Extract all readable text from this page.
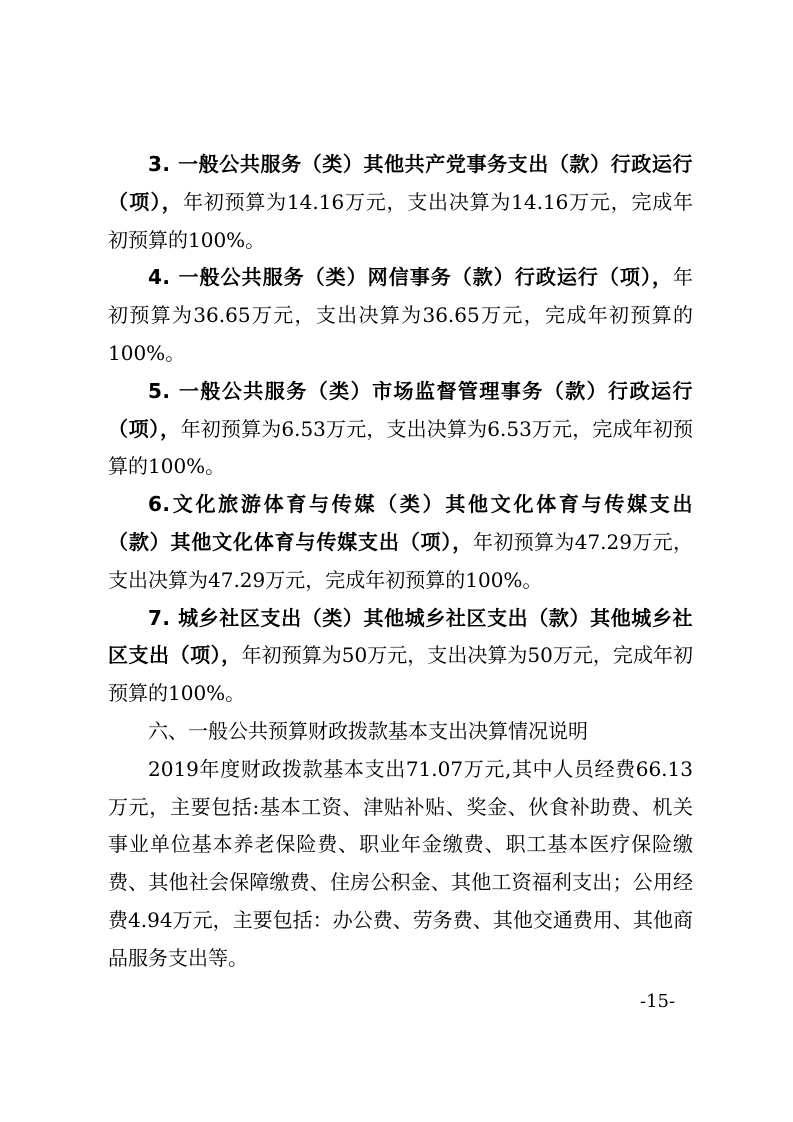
3. 一般公共服务（类）其他共产党事务支出（款）行政运行（项），年初预算为14.16万元，支出决算为14.16万元，完成年初预算的100%。

4. 一般公共服务（类）网信事务（款）行政运行（项），年初预算为36.65万元，支出决算为36.65万元，完成年初预算的100%。

5. 一般公共服务（类）市场监督管理事务（款）行政运行（项），年初预算为6.53万元，支出决算为6.53万元，完成年初预算的100%。

6.文化旅游体育与传媒（类）其他文化体育与传媒支出（款）其他文化体育与传媒支出（项），年初预算为47.29万元，支出决算为47.29万元，完成年初预算的100%。

7. 城乡社区支出（类）其他城乡社区支出（款）其他城乡社区支出（项），年初预算为50万元，支出决算为50万元，完成年初预算的100%。

六、一般公共预算财政拨款基本支出决算情况说明

2019年度财政拨款基本支出71.07万元,其中人员经费66.13万元，主要包括:基本工资、津贴补贴、奖金、伙食补助费、机关事业单位基本养老保险费、职业年金缴费、职工基本医疗保险缴费、其他社会保障缴费、住房公积金、其他工资福利支出；公用经费4.94万元，主要包括：办公费、劳务费、其他交通费用、其他商品服务支出等。

-15-
